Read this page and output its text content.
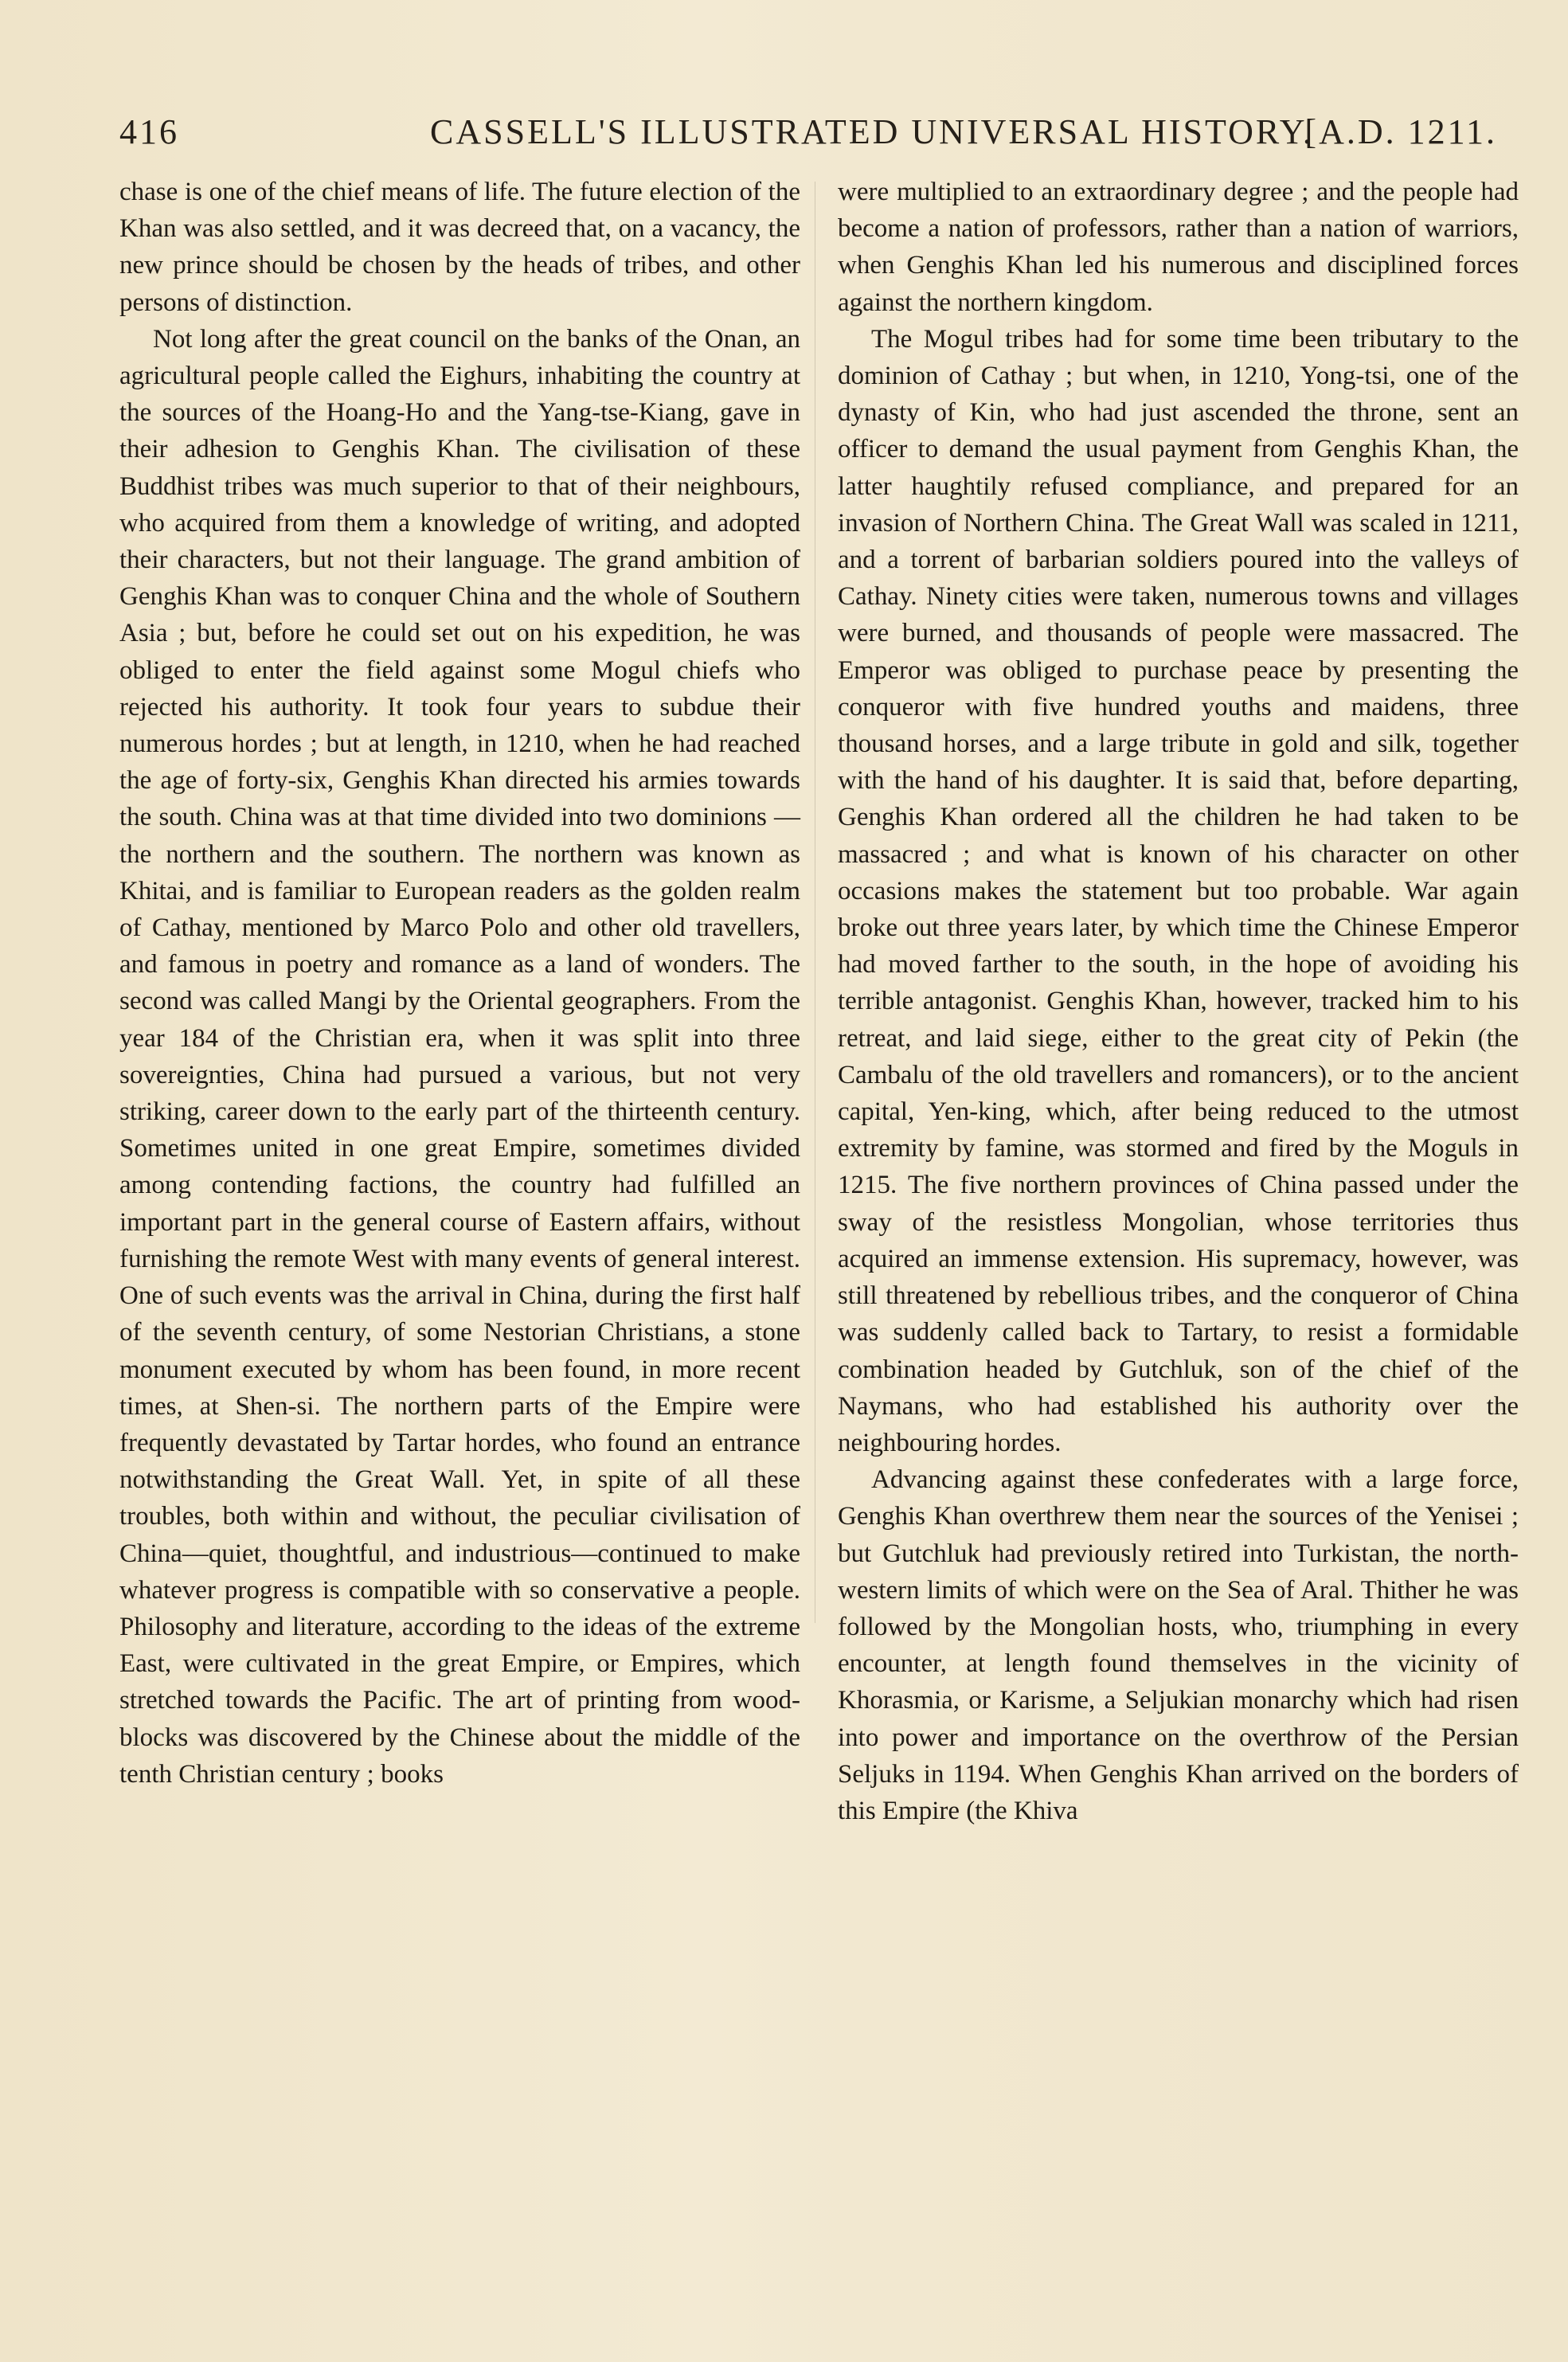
416	CASSELL'S ILLUSTRATED UNIVERSAL HISTORY.
[A.D. 1211.

chase is one of the chief means of life. The future election of the Khan was also settled, and it was decreed that, on a vacancy, the new prince should be chosen by the heads of tribes, and other persons of distinction.

Not long after the great council on the banks of the Onan, an agricultural people called the Eighurs, inhabiting the country at the sources of the Hoang-Ho and the Yang-tse-Kiang, gave in their adhesion to Genghis Khan. The civilisation of these Buddhist tribes was much superior to that of their neighbours, who acquired from them a knowledge of writing, and adopted their characters, but not their language. The grand ambition of Genghis Khan was to conquer China and the whole of Southern Asia ; but, before he could set out on his expedition, he was obliged to enter the field against some Mogul chiefs who rejected his authority. It took four years to subdue their numerous hordes ; but at length, in 1210, when he had reached the age of forty-six, Genghis Khan directed his armies towards the south. China was at that time divided into two dominions — the northern and the southern. The northern was known as Khitai, and is familiar to European readers as the golden realm of Cathay, mentioned by Marco Polo and other old travellers, and famous in poetry and romance as a land of wonders. The second was called Mangi by the Oriental geographers. From the year 184 of the Christian era, when it was split into three sovereignties, China had pursued a various, but not very striking, career down to the early part of the thirteenth century. Sometimes united in one great Empire, sometimes divided among contending factions, the country had fulfilled an important part in the general course of Eastern affairs, without furnishing the remote West with many events of general interest. One of such events was the arrival in China, during the first half of the seventh century, of some Nestorian Christians, a stone monument executed by whom has been found, in more recent times, at Shen-si. The northern parts of the Empire were frequently devastated by Tartar hordes, who found an entrance notwithstanding the Great Wall. Yet, in spite of all these troubles, both within and without, the peculiar civilisation of China—quiet, thoughtful, and industrious—continued to make whatever progress is compatible with so conservative a people. Philosophy and literature, according to the ideas of the extreme East, were cultivated in the great Empire, or Empires, which stretched towards the Pacific. The art of printing from wood-blocks was discovered by the Chinese about the middle of the tenth Christian century ; books

were multiplied to an extraordinary degree ; and the people had become a nation of professors, rather than a nation of warriors, when Genghis Khan led his numerous and disciplined forces against the northern kingdom.

The Mogul tribes had for some time been tributary to the dominion of Cathay ; but when, in 1210, Yong-tsi, one of the dynasty of Kin, who had just ascended the throne, sent an officer to demand the usual payment from Genghis Khan, the latter haughtily refused compliance, and prepared for an invasion of Northern China. The Great Wall was scaled in 1211, and a torrent of barbarian soldiers poured into the valleys of Cathay. Ninety cities were taken, numerous towns and villages were burned, and thousands of people were massacred. The Emperor was obliged to purchase peace by presenting the conqueror with five hundred youths and maidens, three thousand horses, and a large tribute in gold and silk, together with the hand of his daughter. It is said that, before departing, Genghis Khan ordered all the children he had taken to be massacred ; and what is known of his character on other occasions makes the statement but too probable. War again broke out three years later, by which time the Chinese Emperor had moved farther to the south, in the hope of avoiding his terrible antagonist. Genghis Khan, however, tracked him to his retreat, and laid siege, either to the great city of Pekin (the Cambalu of the old travellers and romancers), or to the ancient capital, Yen-king, which, after being reduced to the utmost extremity by famine, was stormed and fired by the Moguls in 1215. The five northern provinces of China passed under the sway of the resistless Mongolian, whose territories thus acquired an immense extension. His supremacy, however, was still threatened by rebellious tribes, and the conqueror of China was suddenly called back to Tartary, to resist a formidable combination headed by Gutchluk, son of the chief of the Naymans, who had established his authority over the neighbouring hordes.

Advancing against these confederates with a large force, Genghis Khan overthrew them near the sources of the Yenisei ; but Gutchluk had previously retired into Turkistan, the north-western limits of which were on the Sea of Aral. Thither he was followed by the Mongolian hosts, who, triumphing in every encounter, at length found themselves in the vicinity of Khorasmia, or Karisme, a Seljukian monarchy which had risen into power and importance on the overthrow of the Persian Seljuks in 1194. When Genghis Khan arrived on the borders of this Empire (the Khiva
